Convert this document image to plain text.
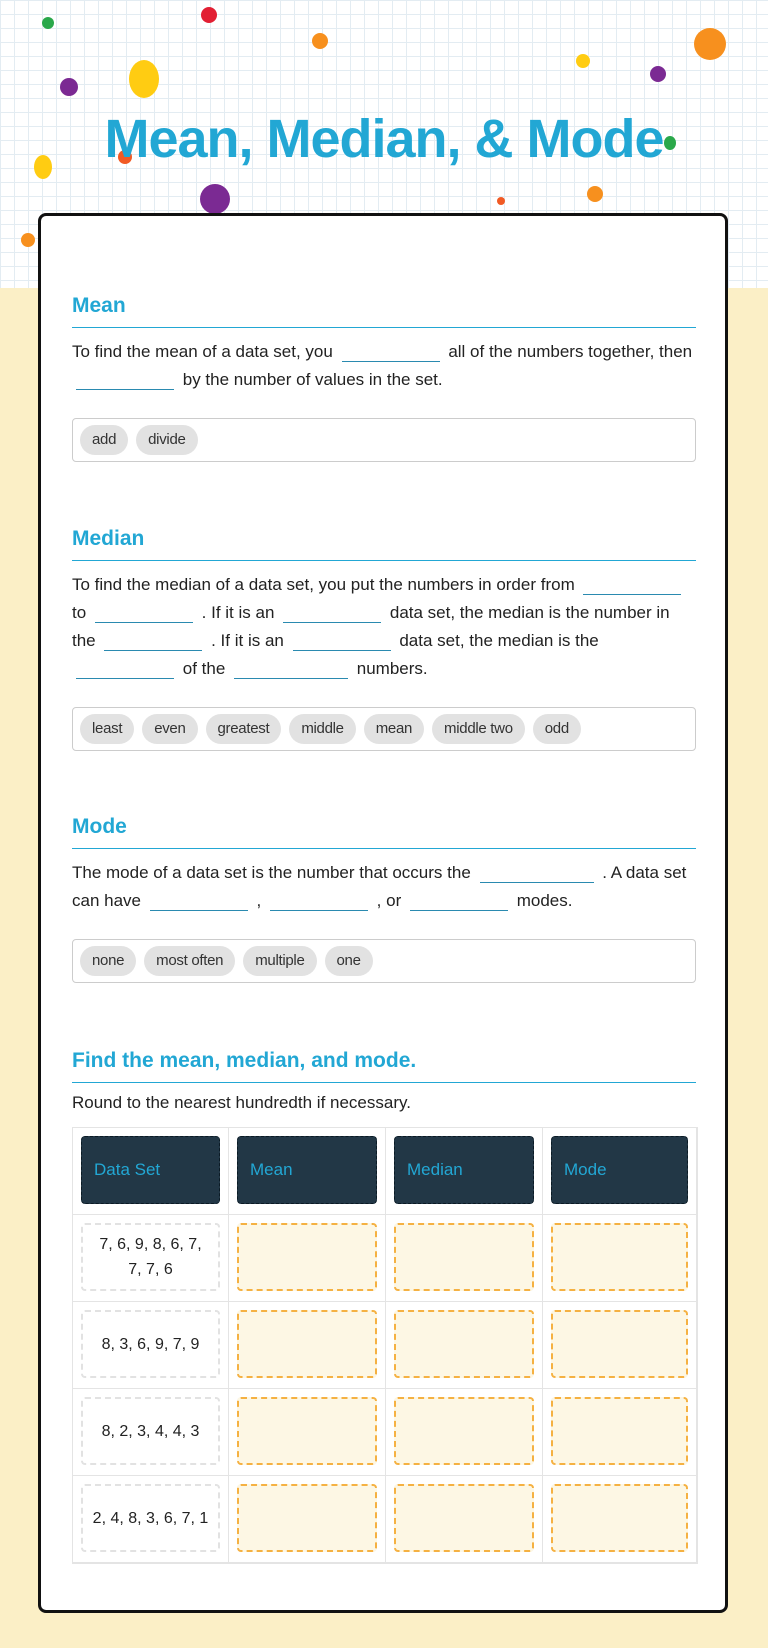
Mean, Median, & Mode
Mean
To find the mean of a data set, you	all of the numbers together, then  by the number of values in the set.
add	divide
Median
To find the median of a data set, you put the numbers in order from  to	. If it is an	data set, the median is the number in the	. If it is an	data set, the median is the  of the	numbers.
least	even	greatest	middle	mean	middle two	odd
Mode
The mode of a data set is the number that occurs the	. A data set can have	,	, or	modes.
none	most often	multiple	one
Find the mean, median, and mode.
Round to the nearest hundredth if necessary.
Data Set	Mean	Median	Mode
7, 6, 9, 8, 6, 7, 7, 7, 6
8, 3, 6, 9, 7, 9
8, 2, 3, 4, 4, 3
2, 4, 8, 3, 6, 7, 1
